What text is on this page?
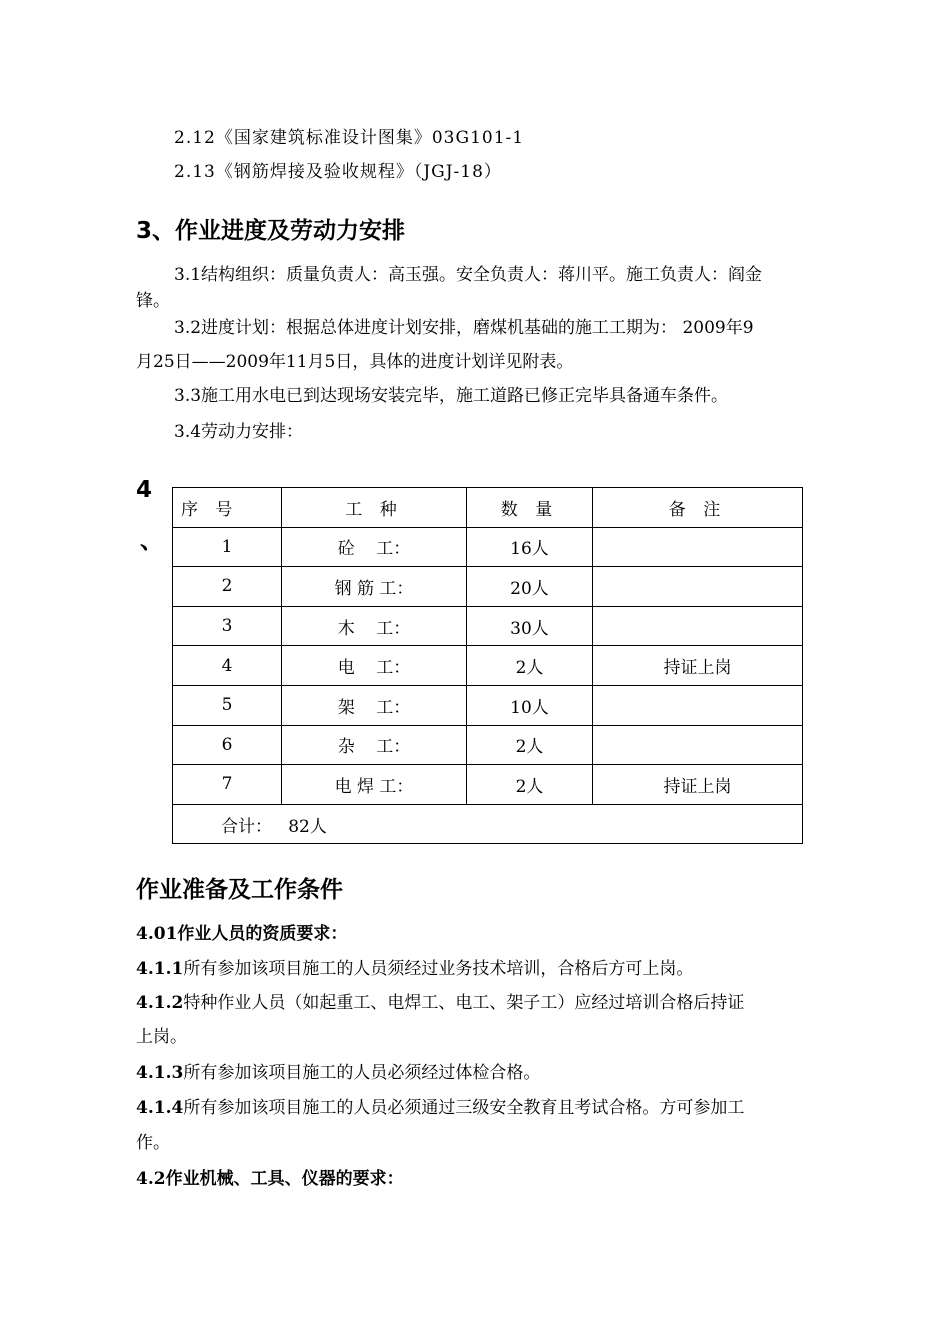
2.12《国家建筑标准设计图集》03G101-1
2.13《钢筋焊接及验收规程》（JGJ-18）
3、作业进度及劳动力安排
3.1结构组织：质量负责人：高玉强。安全负责人：蒋川平。施工负责人：阎金
锋。
3.2进度计划：根据总体进度计划安排，磨煤机基础的施工工期为： 2009年9
月25日——2009年11月5日，具体的进度计划详见附表。
3.3施工用水电已到达现场安装完毕，施工道路已修正完毕具备通车条件。
3.4劳动力安排：
4
、
序 号	工 种	数 量	备 注
1	砼    工：	16人	
2	钢 筋 工：	20人	
3	木    工：	30人	
4	电    工：	2人	持证上岗
5	架    工：	10人	
6	杂    工：	2人	
7	电 焊 工：	2人	持证上岗
合计：   82人			
作业准备及工作条件
4.01作业人员的资质要求：
4.1.1所有参加该项目施工的人员须经过业务技术培训，合格后方可上岗。
4.1.2特种作业人员（如起重工、电焊工、电工、架子工）应经过培训合格后持证
上岗。
4.1.3所有参加该项目施工的人员必须经过体检合格。
4.1.4所有参加该项目施工的人员必须通过三级安全教育且考试合格。方可参加工
作。
4.2作业机械、工具、仪器的要求：
